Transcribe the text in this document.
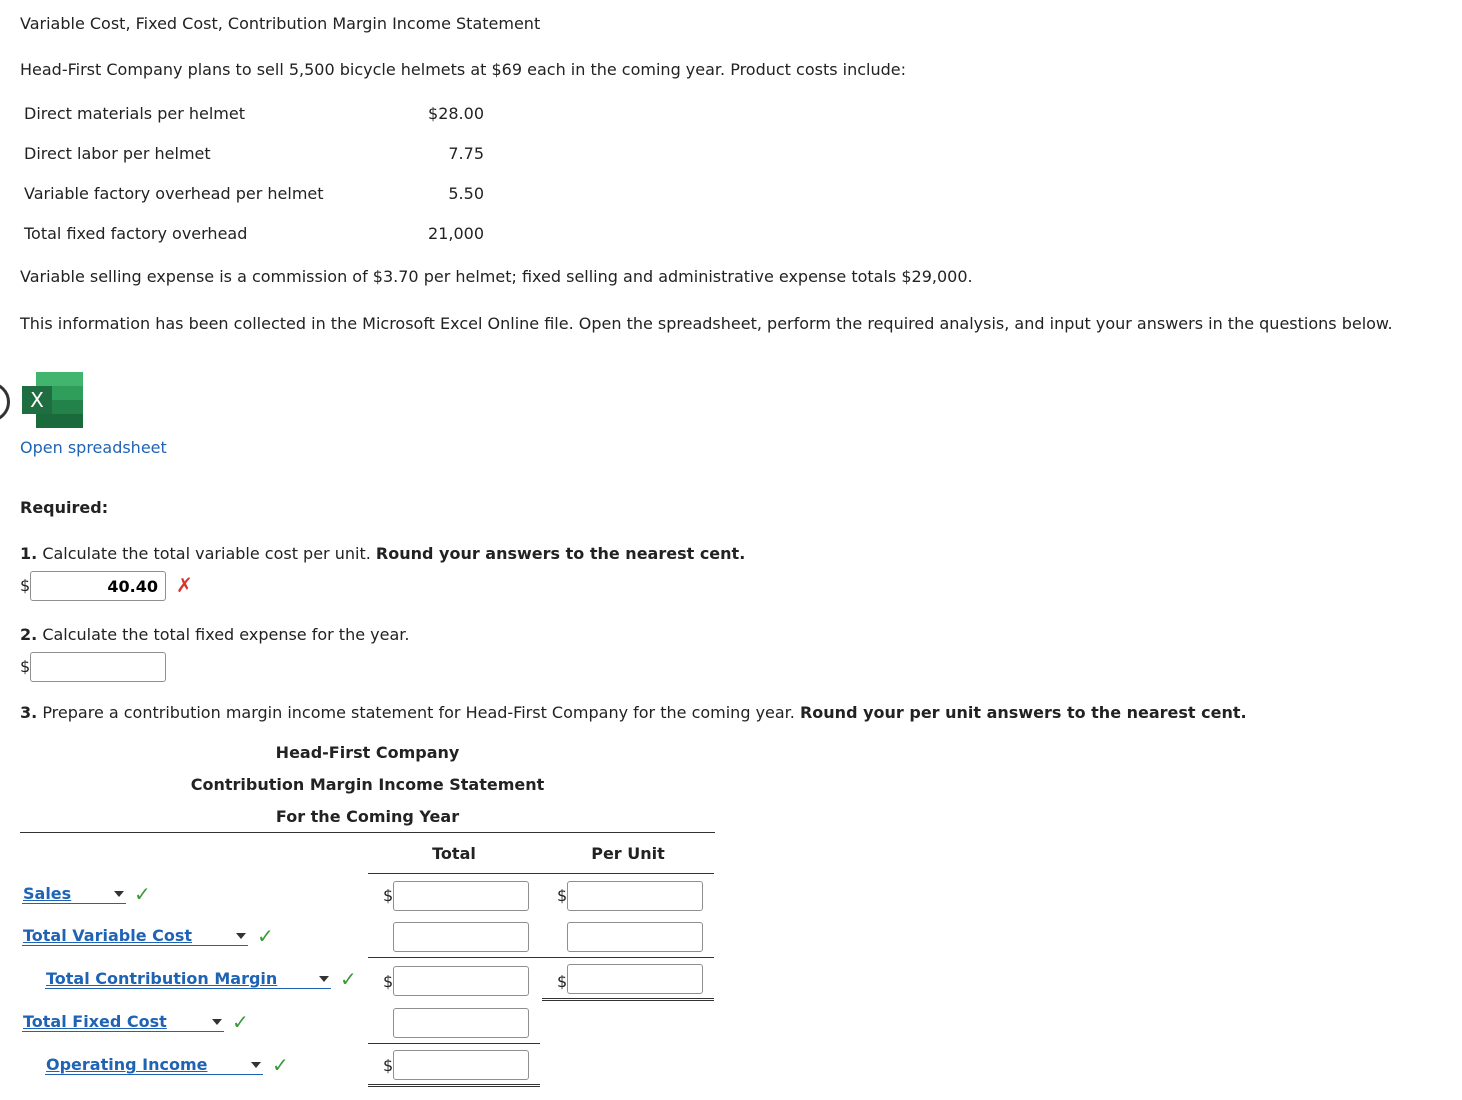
Variable Cost, Fixed Cost, Contribution Margin Income Statement
Head-First Company plans to sell 5,500 bicycle helmets at $69 each in the coming year. Product costs include:
Direct materials per helmet	$28.00
Direct labor per helmet	7.75
Variable factory overhead per helmet	5.50
Total fixed factory overhead	21,000
Variable selling expense is a commission of $3.70 per helmet; fixed selling and administrative expense totals $29,000.
This information has been collected in the Microsoft Excel Online file. Open the spreadsheet, perform the required analysis, and input your answers in the questions below.
X
Open spreadsheet
Required:
1. Calculate the total variable cost per unit. Round your answers to the nearest cent.
$
40.40	✗
2. Calculate the total fixed expense for the year.
$
3. Prepare a contribution margin income statement for Head-First Company for the coming year. Round your per unit answers to the nearest cent.
Head-First Company
Contribution Margin Income Statement
For the Coming Year
Total	Per Unit
Sales	✓	$	$
Total Variable Cost	✓
Total Contribution Margin	✓ $	$
Total Fixed Cost	✓
Operating Income	✓	$
